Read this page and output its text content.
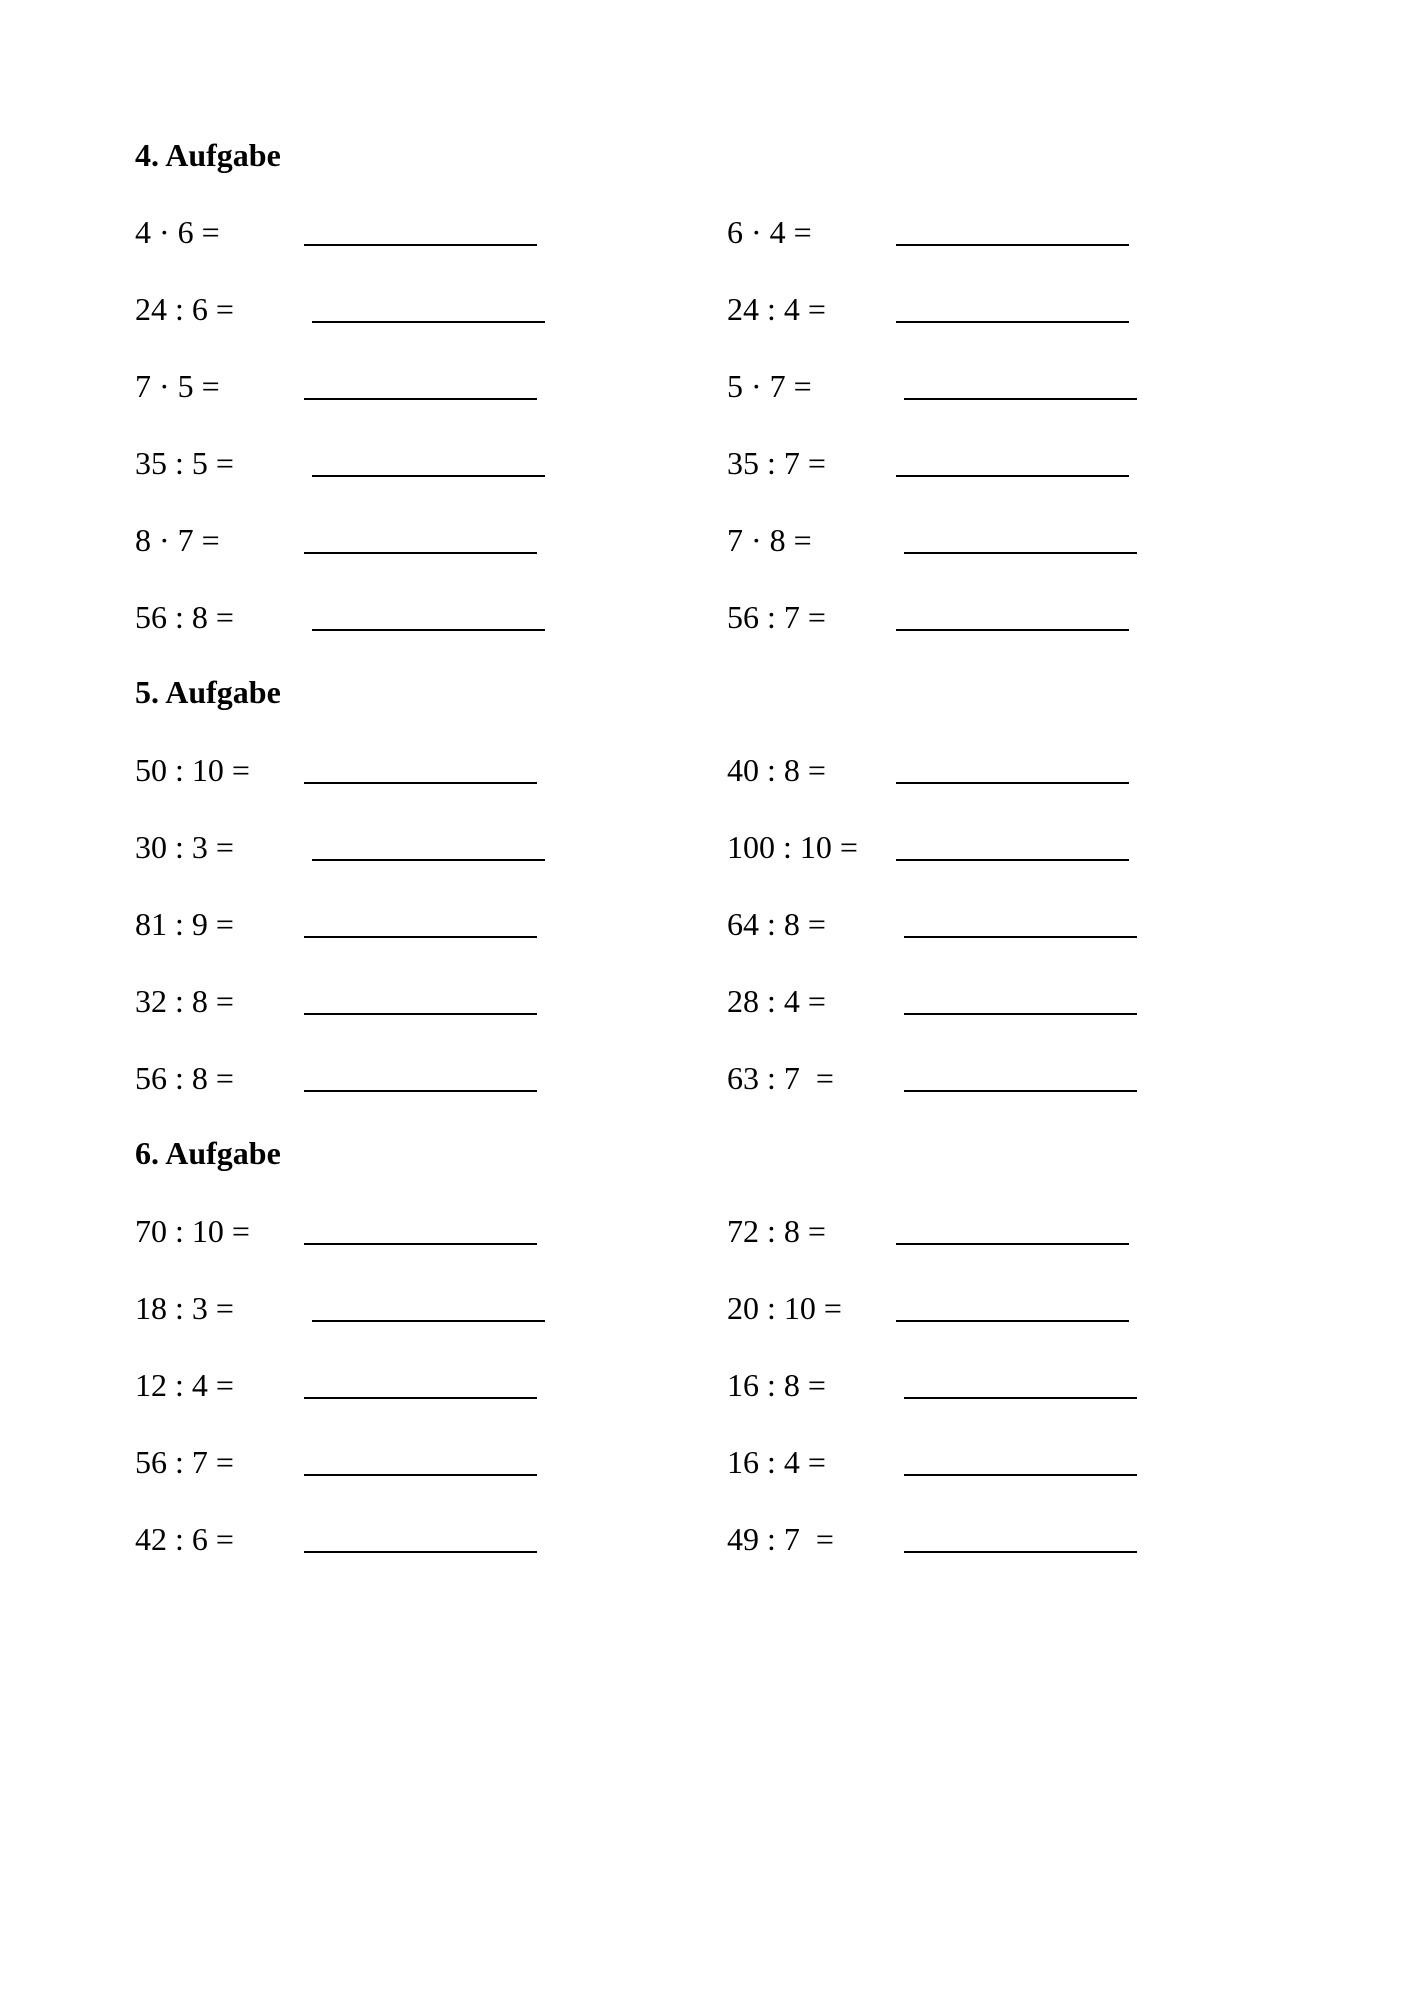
4. Aufgabe
4 · 6 =	6 · 4 =
24 : 6 =	24 : 4 =
7 · 5 =	5 · 7 =
35 : 5 =	35 : 7 =
8 · 7 =	7 · 8 =
56 : 8 =	56 : 7 =
5. Aufgabe
50 : 10 =	40 : 8 =
30 : 3 =	100 : 10 =
81 : 9 =	64 : 8 =
32 : 8 =	28 : 4 =
56 : 8 =	63 : 7  =
6. Aufgabe
70 : 10 =	72 : 8 =
18 : 3 =	20 : 10 =
12 : 4 =	16 : 8 =
56 : 7 =	16 : 4 =
42 : 6 =	49 : 7  =
